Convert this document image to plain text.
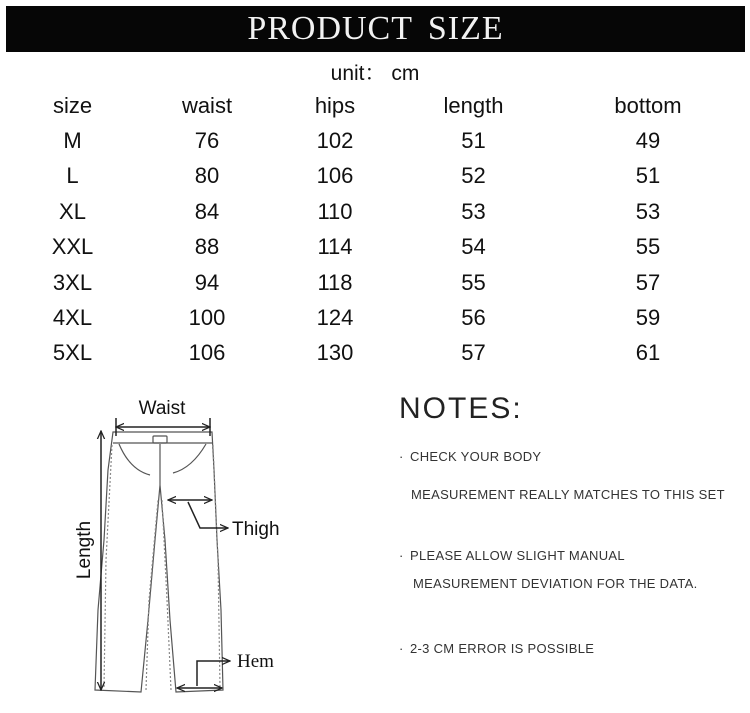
PRODUCT SIZE
unit： cm
size	waist	hips	length	bottom
M	76	102	51	49
L	80	106	52	51
XL	84	110	53	53
XXL	88	114	54	55
3XL	94	118	55	57
4XL	100	124	56	59
5XL	106	130	57	61
Waist
Thigh
Length
Hem
NOTES:
· CHECK YOUR BODY
MEASUREMENT REALLY MATCHES TO THIS SET
· PLEASE ALLOW SLIGHT MANUAL
MEASUREMENT DEVIATION FOR THE DATA.
· 2-3 CM ERROR IS POSSIBLE
